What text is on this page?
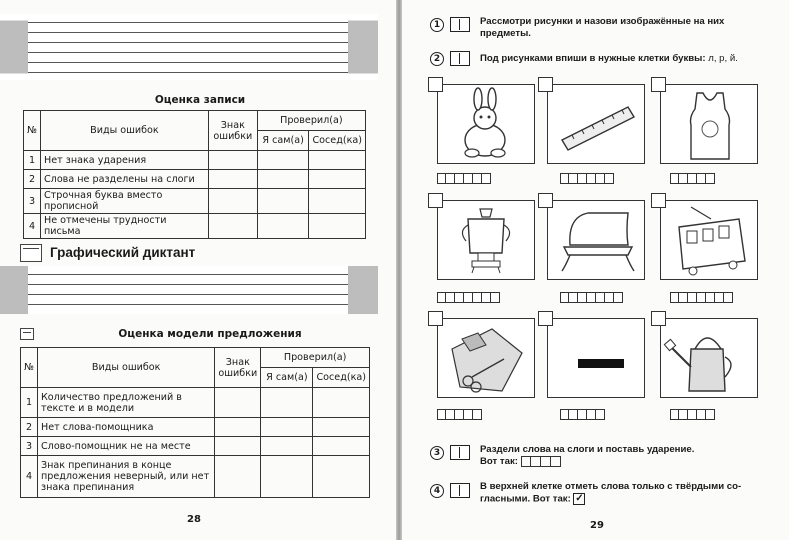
Оценка записи
№	Виды ошибок	Знак ошибки	Проверил(а)	
			Я сам(а)	Сосед(ка)
1	Нет знака ударения			
2	Слова не разделены на слоги			
3	Строчная буква вместо прописной			
4	Не отмечены трудности письма			
Графический диктант
Оценка модели предложения
№	Виды ошибок	Знак ошибки	Проверил(а)	
			Я сам(а)	Сосед(ка)
1	Количество предложений в тексте и в модели			
2	Нет слова-помощника			
3	Слово-помощник не на месте			
4	Знак препинания в конце предложения неверный, или нет знака препинания			
28
1	Рассмотри рисунки и назови изображённые на них предметы.
2	Под рисунками впиши в нужные клетки буквы: л, р, й.
3	Раздели слова на слоги и поставь ударение.
Вот так:
4	В верхней клетке отметь слова только с твёрдыми со-
гласными. Вот так: ✓
29
